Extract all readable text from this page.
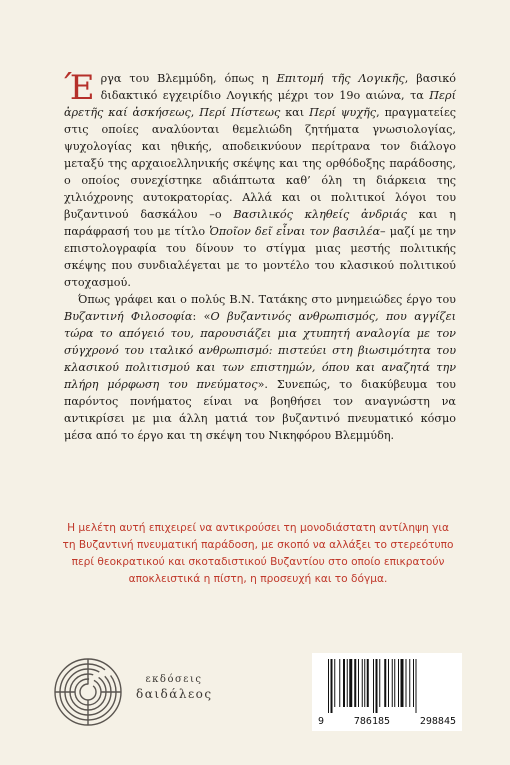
Έργα του Βλεμμύδη, όπως η Επιτομή τῆς Λογικῆς, βασικό διδακτικό εγχειρίδιο Λογικής μέχρι τον 19ο αιώνα, τα Περί ἀρετῆς καί ἀσκήσεως, Περί Πίστεως και Περί ψυχῆς, πραγματείες στις οποίες αναλύονται θεμελιώδη ζητήματα γνωσιολογίας, ψυχολογίας και ηθικής, αποδεικνύουν περίτρανα τον διάλογο μεταξύ της αρχαιοελληνικής σκέψης και της ορθόδοξης παράδοσης, ο οποίος συνεχίστηκε αδιάπτωτα καθ’ όλη τη διάρκεια της χιλιόχρονης αυτοκρατορίας. Αλλά και οι πολιτικοί λόγοι του βυζαντινού δασκάλου –ο Βασιλικός κληθείς ἀνδριάς και η παράφρασή του με τίτλο Ὁποῖον δεῖ εἶναι τον βασιλέα– μαζί με την επιστολογραφία του δίνουν το στίγμα μιας μεστής πολιτικής σκέψης που συνδιαλέγεται με το μοντέλο του κλασικού πολιτικού στοχασμού.

Όπως γράφει και ο πολύς Β.Ν. Τατάκης στο μνημειώδες έργο του Βυζαντινή Φιλοσοφία: «Ο βυζαντινός ανθρωπισμός, που αγγίζει τώρα το απόγειό του, παρουσιάζει μια χτυπητή αναλογία με τον σύγχρονό του ιταλικό ανθρωπισμό: πιστεύει στη βιωσιμότητα του κλασικού πολιτισμού και των επιστημών, όπου και αναζητά την πλήρη μόρφωση του πνεύματος». Συνεπώς, το διακύβευμα του παρόντος πονήματος είναι να βοηθήσει τον αναγνώστη να αντικρίσει με μια άλλη ματιά τον βυζαντινό πνευματικό κόσμο μέσα από το έργο και τη σκέψη του Νικηφόρου Βλεμμύδη.

Η μελέτη αυτή επιχειρεί να αντικρούσει τη μονοδιάστατη αντίληψη για τη Βυζαντινή πνευματική παράδοση, με σκοπό να αλλάξει το στερεότυπο περί θεοκρατικού και σκοταδιστικού Βυζαντίου στο οποίο επικρατούν αποκλειστικά η πίστη, η προσευχή και το δόγμα.
εκδόσεις
δαιδάλεος
9	786185	298845
